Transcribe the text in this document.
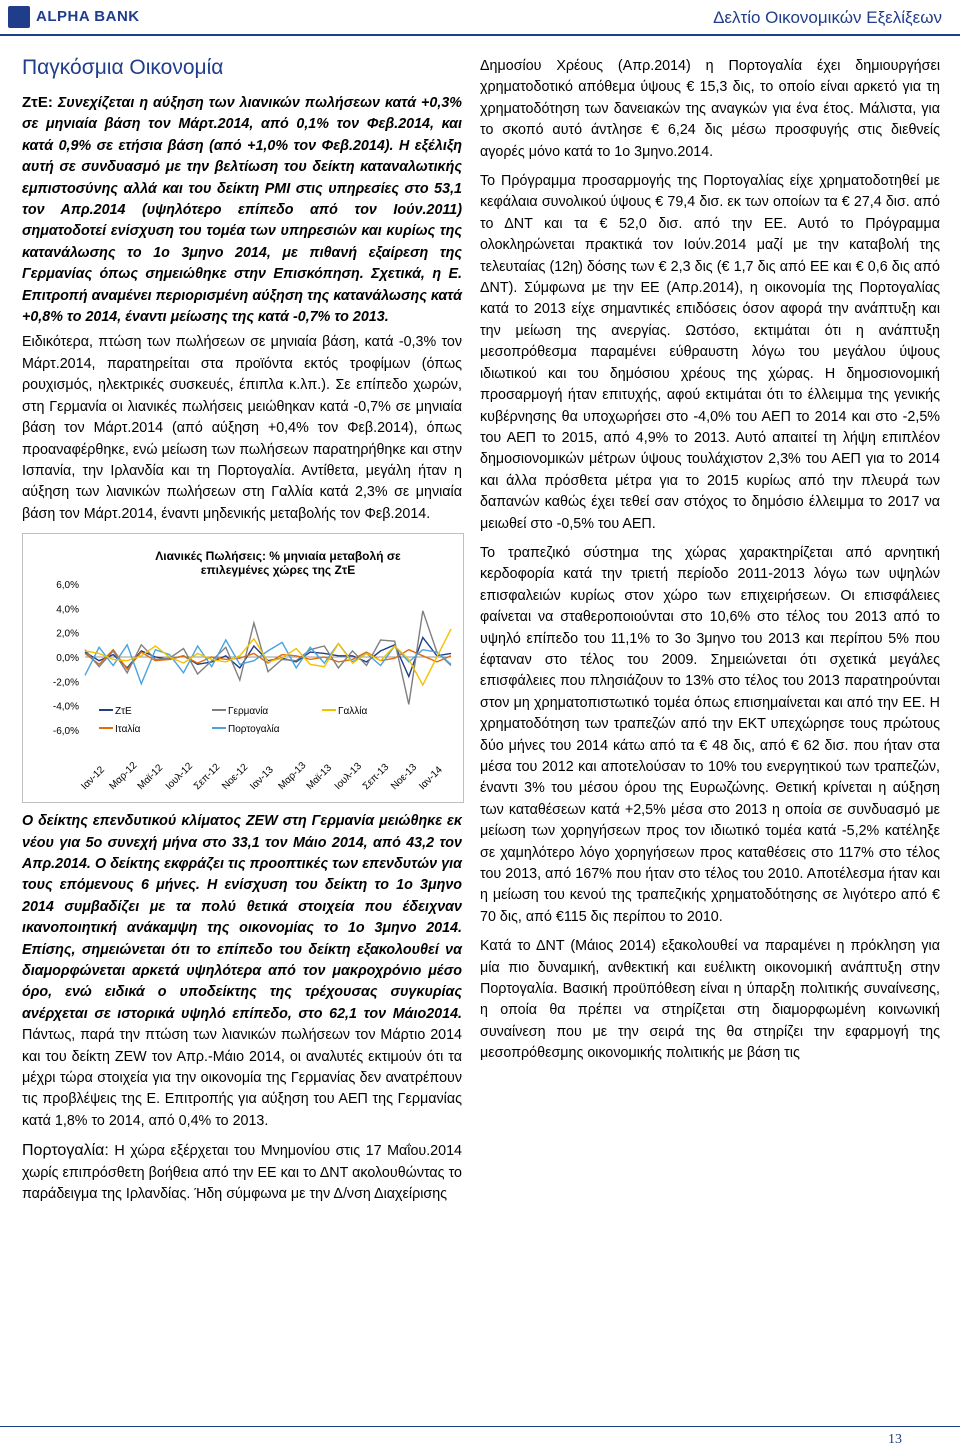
ALPHA BANK	Δελτίο Οικονομικών Εξελίξεων
Παγκόσμια Οικονομία

ΖτΕ: Συνεχίζεται η αύξηση των λιανικών πωλήσεων κατά +0,3% σε μηνιαία βάση τον Μάρτ.2014, από 0,1% τον Φεβ.2014, και κατά 0,9% σε ετήσια βάση (από +1,0% τον Φεβ.2014). Η εξέλιξη αυτή σε συνδυασμό με την βελτίωση του δείκτη καταναλωτικής εμπιστοσύνης αλλά και του δείκτη PMI στις υπηρεσίες στο 53,1 τον Απρ.2014 (υψηλότερο επίπεδο από τον Ιούν.2011) σηματοδοτεί ενίσχυση του τομέα των υπηρεσιών και κυρίως της κατανάλωσης το 1ο 3μηνο 2014, με πιθανή εξαίρεση της Γερμανίας όπως σημειώθηκε στην Επισκόπηση. Σχετικά, η Ε. Επιτροπή αναμένει περιορισμένη αύξηση της κατανάλωσης κατά +0,8% το 2014, έναντι μείωσης της κατά -0,7% το 2013.

Ειδικότερα, πτώση των πωλήσεων σε μηνιαία βάση, κατά -0,3% τον Μάρτ.2014, παρατηρείται στα προϊόντα εκτός τροφίμων (όπως ρουχισμός, ηλεκτρικές συσκευές, έπιπλα κ.λπ.). Σε επίπεδο χωρών, στη Γερμανία οι λιανικές πωλήσεις μειώθηκαν κατά -0,7% σε μηνιαία βάση τον Μάρτ.2014 (από αύξηση +0,4% τον Φεβ.2014), όπως προαναφέρθηκε, ενώ μείωση των πωλήσεων παρατηρήθηκε και στην Ισπανία, την Ιρλανδία και τη Πορτογαλία. Αντίθετα, μεγάλη ήταν η αύξηση των λιανικών πωλήσεων στη Γαλλία κατά 2,3% σε μηνιαία βάση τον Μάρτ.2014, έναντι μηδενικής μεταβολής τον Φεβ.2014.

Λιανικές Πωλήσεις: % μηνιαία μεταβολή σε
επιλεγμένες χώρες της ΖτΕ
6,0%
4,0%
2,0%
0,0%
-2,0%
-4,0%
-6,0%
Ιαν-12 Μαρ-12
Μαϊ-12
Ιουλ-12
Σεπ-12
Νοε-12
Ιαν-13 Μαρ-13
Μαϊ-13
Ιουλ-13
Σεπ-13
Νοε-13
Ιαν-14
ΖτΕ
Ιταλία
Γερμανία
Πορτογαλία
Γαλλία

Ο δείκτης επενδυτικού κλίματος ZEW στη Γερμανία μειώθηκε εκ νέου για 5ο συνεχή μήνα στο 33,1 τον Μάιο 2014, από 43,2 τον Απρ.2014. Ο δείκτης εκφράζει τις προοπτικές των επενδυτών για τους επόμενους 6 μήνες. Η ενίσχυση του δείκτη το 1ο 3μηνο 2014 συμβαδίζει με τα πολύ θετικά στοιχεία που έδειχναν ικανοποιητική ανάκαμψη της οικονομίας το 1ο 3μηνο 2014. Επίσης, σημειώνεται ότι το επίπεδο του δείκτη εξακολουθεί να διαμορφώνεται αρκετά υψηλότερα από τον μακροχρόνιο μέσο όρο, ενώ ειδικά ο υποδείκτης της τρέχουσας συγκυρίας ανέρχεται σε ιστορικά υψηλό επίπεδο, στο 62,1 τον Μάιο2014. Πάντως, παρά την πτώση των λιανικών πωλήσεων τον Μάρτιο 2014 και του δείκτη ZEW τον Απρ.-Μάιο 2014, οι αναλυτές εκτιμούν ότι τα μέχρι τώρα στοιχεία για την οικονομία της Γερμανίας δεν ανατρέπουν τις προβλέψεις της Ε. Επιτροπής για αύξηση του ΑΕΠ της Γερμανίας κατά 1,8% το 2014, από 0,4% το 2013.

Πορτογαλία: Η χώρα εξέρχεται του Μνημονίου στις 17 Μαΐου.2014 χωρίς επιπρόσθετη βοήθεια από την ΕΕ και το ΔΝΤ ακολουθώντας το παράδειγμα της Ιρλανδίας. Ήδη σύμφωνα με την Δ/νση Διαχείρισης

Δημοσίου Χρέους (Απρ.2014) η Πορτογαλία έχει δημιουργήσει χρηματοδοτικό απόθεμα ύψους € 15,3 δις, το οποίο είναι αρκετό για τη χρηματοδότηση των δανειακών της αναγκών για ένα έτος. Μάλιστα, για το σκοπό αυτό άντλησε € 6,24 δις μέσω προσφυγής στις διεθνείς αγορές μόνο κατά το 1ο 3μηνο.2014.

Το Πρόγραμμα προσαρμογής της Πορτογαλίας είχε χρηματοδοτηθεί με κεφάλαια συνολικού ύψους € 79,4 δισ. εκ των οποίων τα € 27,4 δισ. από το ΔΝΤ και τα € 52,0 δισ. από την ΕΕ. Αυτό το Πρόγραμμα ολοκληρώνεται πρακτικά τον Ιούν.2014 μαζί με την καταβολή της τελευταίας (12η) δόσης των € 2,3 δις (€ 1,7 δις από ΕΕ και € 0,6 δις από ΔΝΤ). Σύμφωνα με την ΕΕ (Απρ.2014), η οικονομία της Πορτογαλίας κατά το 2013 είχε σημαντικές επιδόσεις όσον αφορά την ανάπτυξη και την μείωση της ανεργίας. Ωστόσο, εκτιμάται ότι η ανάπτυξη μεσοπρόθεσμα παραμένει εύθραυστη λόγω του μεγάλου ύψους ιδιωτικού και του δημόσιου χρέους της χώρας. Η δημοσιονομική προσαρμογή ήταν επιτυχής, αφού εκτιμάται ότι το έλλειμμα της γενικής κυβέρνησης θα υποχωρήσει στο -4,0% του ΑΕΠ το 2014 και στο -2,5% του ΑΕΠ το 2015, από 4,9% το 2013. Αυτό απαιτεί τη λήψη επιπλέον δημοσιονομικών μέτρων ύψους τουλάχιστον 2,3% του ΑΕΠ για το 2014 και άλλα πρόσθετα μέτρα για το 2015 κυρίως από την πλευρά των δαπανών καθώς έχει τεθεί σαν στόχος το δημόσιο έλλειμμα το 2017 να μειωθεί στο -0,5% του ΑΕΠ.

Το τραπεζικό σύστημα της χώρας χαρακτηρίζεται από αρνητική κερδοφορία κατά την τριετή περίοδο 2011-2013 λόγω των υψηλών επισφαλειών κυρίως στον χώρο των επιχειρήσεων. Οι επισφάλειες φαίνεται να σταθεροποιούνται στο 10,6% στο τέλος του 2013 από το υψηλό επίπεδο του 11,1% το 3ο 3μηνο του 2013 και περίπου 5% που έφταναν στο τέλος του 2009. Σημειώνεται ότι σχετικά μεγάλες επισφάλειες που πλησιάζουν το 13% στο τέλος του 2013 παρατηρούνται στον μη χρηματοπιστωτικό τομέα όπως επισημαίνεται και από την ΕΕ. Η χρηματοδότηση των τραπεζών από την ΕΚΤ υπεχώρησε τους πρώτους δύο μήνες του 2014 κάτω από τα € 48 δις, από € 62 δισ. που ήταν στα μέσα του 2012 και αποτελούσαν το 10% του ενεργητικού των τραπεζών, έναντι 3% του μέσου όρου της Ευρωζώνης. Θετική κρίνεται η αύξηση των καταθέσεων κατά +2,5% μέσα στο 2013 η οποία σε συνδυασμό με μείωση των χορηγήσεων προς τον ιδιωτικό τομέα κατά -5,2% κατέληξε σε χαμηλότερο λόγο χορηγήσεων προς καταθέσεις στο 117% στο τέλος του 2013, από 167% που ήταν στο τέλος του 2010. Αποτέλεσμα ήταν και η μείωση του κενού της τραπεζικής χρηματοδότησης σε λιγότερο από € 70 δις, από €115 δις περίπου το 2010.

Κατά το ΔΝΤ (Μάιος 2014) εξακολουθεί να παραμένει η πρόκληση για μία πιο δυναμική, ανθεκτική και ευέλικτη οικονομική ανάπτυξη στην Πορτογαλία. Βασική προϋπόθεση είναι η ύπαρξη πολιτικής συναίνεσης, η οποία θα πρέπει να στηρίζεται στη διαμορφωμένη κοινωνική συναίνεση που με την σειρά της θα στηρίζει την εφαρμογή της μεσοπρόθεσμης οικονομικής πολιτικής με βάση τις

13
